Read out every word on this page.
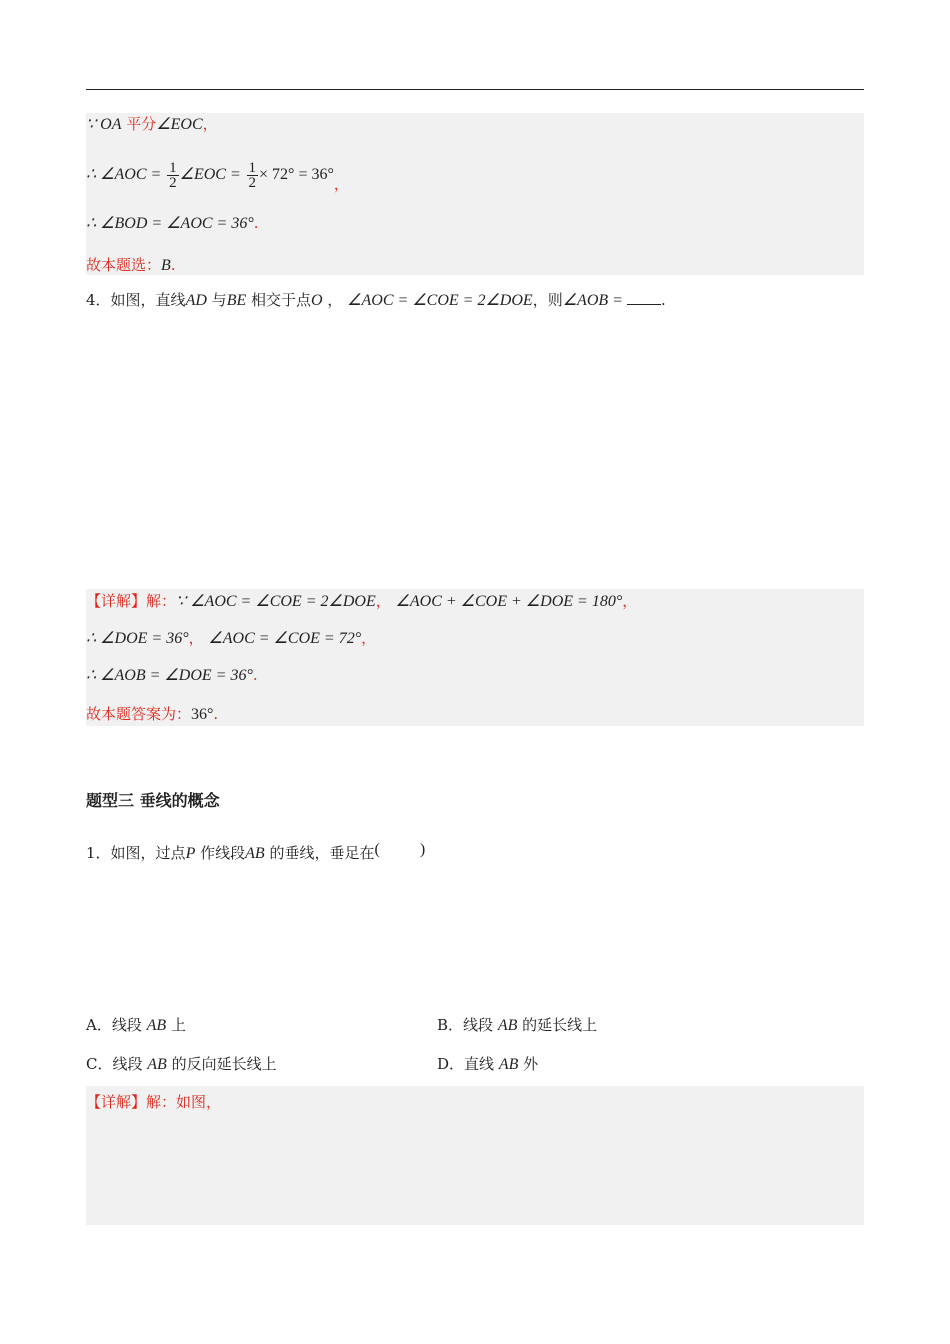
∵ OA 平分∠EOC，
∴ ∠AOC = $\frac{1}{2}$ ∠EOC = $\frac{1}{2} \times 72^\circ = 36^\circ$，
∴ ∠BOD = ∠AOC = 36°.
故本题选：B.
4．如图，直线AD 与BE 相交于点O ， ∠AOC = ∠COE = 2∠DOE，则∠AOB =	.
【详解】解：∵ ∠AOC = ∠COE = 2∠DOE， ∠AOC + ∠COE + ∠DOE = 180°，
∴ ∠DOE = 36°， ∠AOC = ∠COE = 72°，
∴ ∠AOB = ∠DOE = 36°.
故本题答案为：36°.
题型三 垂线的概念
1．如图，过点P 作线段AB 的垂线，垂足在(	)
A．线段 AB 上	B．线段 AB 的延长线上
C．线段 AB 的反向延长线上	D．直线 AB 外
【详解】解：如图，
